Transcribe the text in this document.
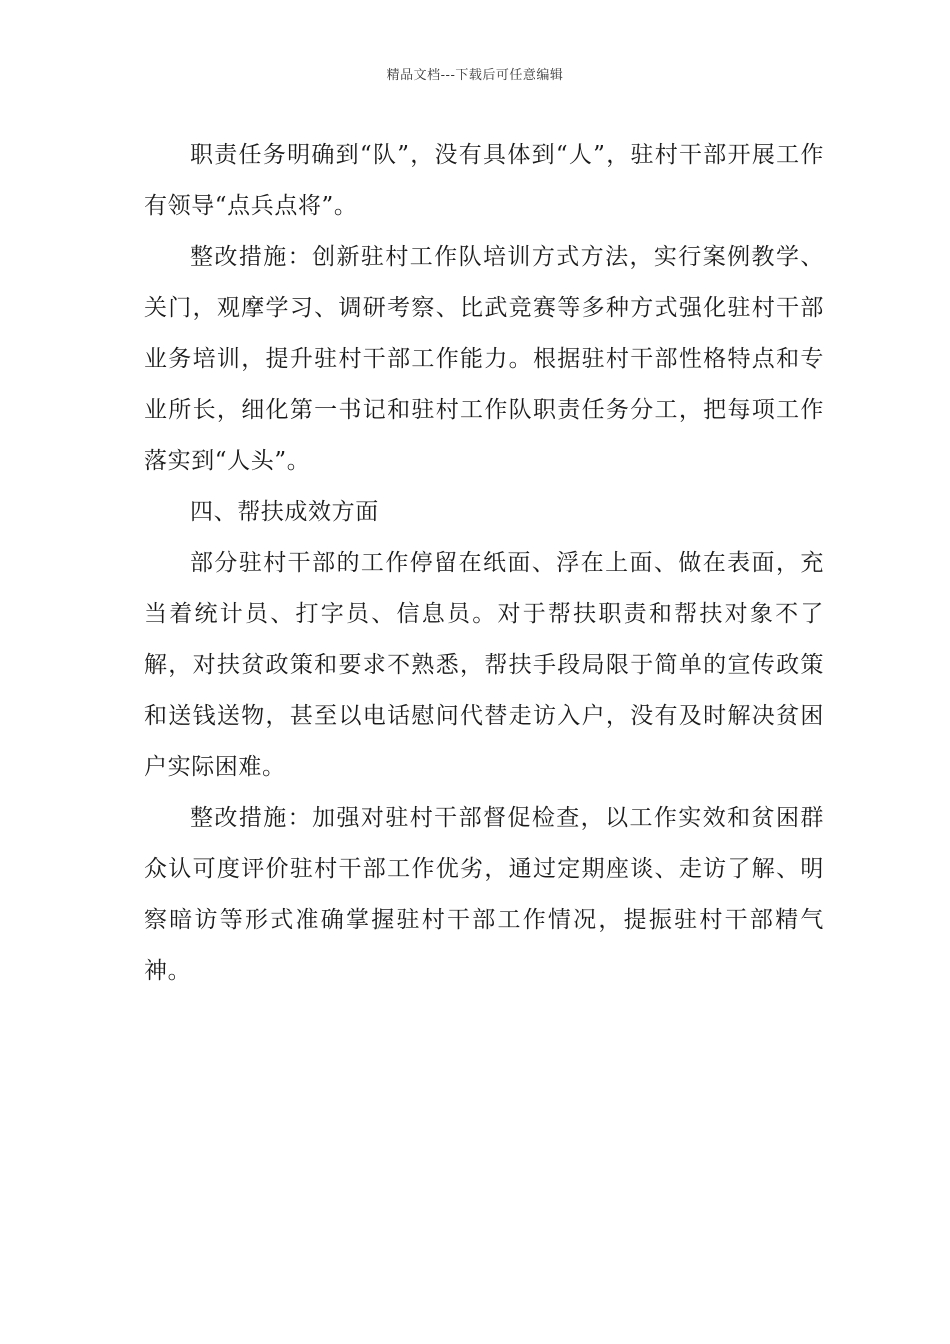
精品文档---下载后可任意编辑

职责任务明确到“队”，没有具体到“人”，驻村干部开展工作有领导“点兵点将”。

整改措施：创新驻村工作队培训方式方法，实行案例教学、关门，观摩学习、调研考察、比武竞赛等多种方式强化驻村干部业务培训，提升驻村干部工作能力。根据驻村干部性格特点和专业所长，细化第一书记和驻村工作队职责任务分工，把每项工作落实到“人头”。

四、帮扶成效方面

部分驻村干部的工作停留在纸面、浮在上面、做在表面，充当着统计员、打字员、信息员。对于帮扶职责和帮扶对象不了解，对扶贫政策和要求不熟悉，帮扶手段局限于简单的宣传政策和送钱送物，甚至以电话慰问代替走访入户，没有及时解决贫困户实际困难。

整改措施：加强对驻村干部督促检查，以工作实效和贫困群众认可度评价驻村干部工作优劣，通过定期座谈、走访了解、明察暗访等形式准确掌握驻村干部工作情况，提振驻村干部精气神。
